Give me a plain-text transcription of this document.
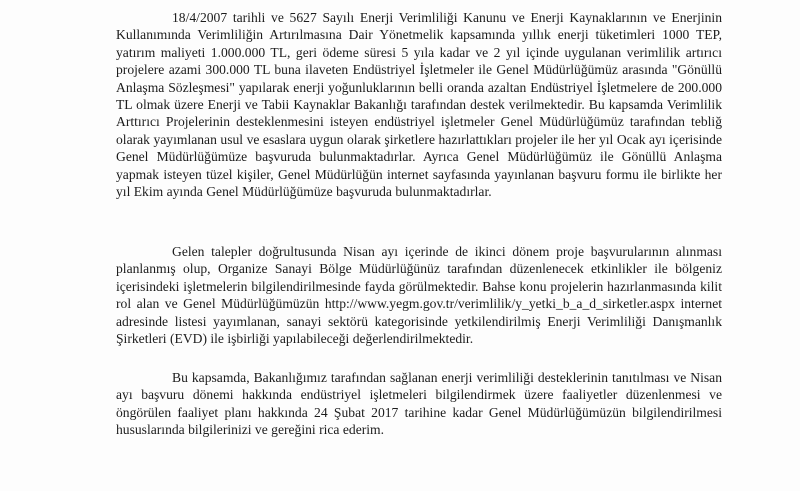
18/4/2007 tarihli ve 5627 Sayılı Enerji Verimliliği Kanunu ve Enerji Kaynaklarının ve Enerjinin Kullanımında Verimliliğin Artırılmasına Dair Yönetmelik kapsamında yıllık enerji tüketimleri 1000 TEP, yatırım maliyeti 1.000.000 TL, geri ödeme süresi 5 yıla kadar ve 2 yıl içinde uygulanan verimlilik artırıcı projelere azami 300.000 TL buna ilaveten Endüstriyel İşletmeler ile Genel Müdürlüğümüz arasında "Gönüllü Anlaşma Sözleşmesi" yapılarak enerji yoğunluklarının belli oranda azaltan Endüstriyel İşletmelere de 200.000 TL olmak üzere Enerji ve Tabii Kaynaklar Bakanlığı tarafından destek verilmektedir. Bu kapsamda Verimlilik Arttırıcı Projelerinin desteklenmesini isteyen endüstriyel işletmeler Genel Müdürlüğümüz tarafından tebliğ olarak yayımlanan usul ve esaslara uygun olarak şirketlere hazırlattıkları projeler ile her yıl Ocak ayı içerisinde Genel Müdürlüğümüze başvuruda bulunmaktadırlar. Ayrıca Genel Müdürlüğümüz ile Gönüllü Anlaşma yapmak isteyen tüzel kişiler, Genel Müdürlüğün internet sayfasında yayınlanan başvuru formu ile birlikte her yıl Ekim ayında Genel Müdürlüğümüze başvuruda bulunmaktadırlar.

Gelen talepler doğrultusunda Nisan ayı içerinde de ikinci dönem proje başvurularının alınması planlanmış olup, Organize Sanayi Bölge Müdürlüğünüz tarafından düzenlenecek etkinlikler ile bölgeniz içerisindeki işletmelerin bilgilendirilmesinde fayda görülmektedir. Bahse konu projelerin hazırlanmasında kilit rol alan ve Genel Müdürlüğümüzün http://www.yegm.gov.tr/verimlilik/y_yetki_b_a_d_sirketler.aspx internet adresinde listesi yayımlanan, sanayi sektörü kategorisinde yetkilendirilmiş Enerji Verimliliği Danışmanlık Şirketleri (EVD) ile işbirliği yapılabileceği değerlendirilmektedir.

Bu kapsamda, Bakanlığımız tarafından sağlanan enerji verimliliği desteklerinin tanıtılması ve Nisan ayı başvuru dönemi hakkında endüstriyel işletmeleri bilgilendirmek üzere faaliyetler düzenlenmesi ve öngörülen faaliyet planı hakkında 24 Şubat 2017 tarihine kadar Genel Müdürlüğümüzün bilgilendirilmesi hususlarında bilgilerinizi ve gereğini rica ederim.
